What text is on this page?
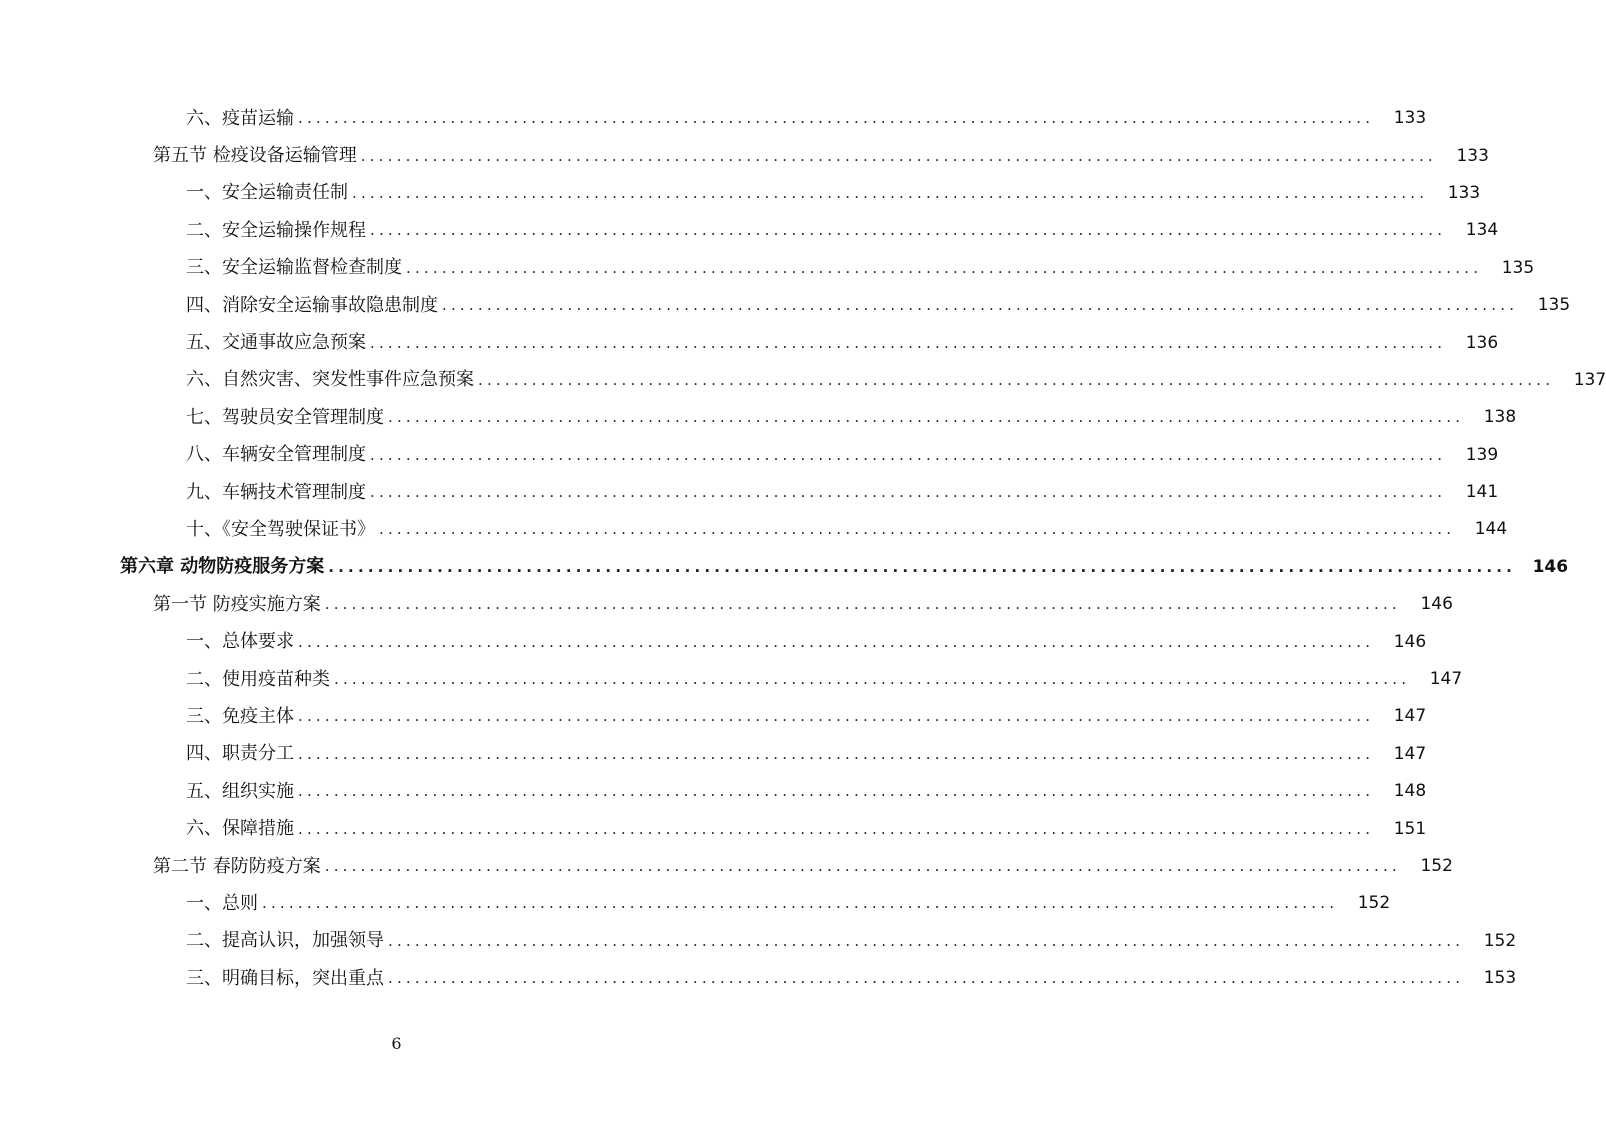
六、疫苗运输 ........................................................................................................................	133
第五节 检疫设备运输管理 ........................................................................................................................	133
一、安全运输责任制 ........................................................................................................................	133
二、安全运输操作规程 ........................................................................................................................	134
三、安全运输监督检查制度 ........................................................................................................................	135
四、消除安全运输事故隐患制度 ........................................................................................................................	135
五、交通事故应急预案 ........................................................................................................................	136
六、自然灾害、突发性事件应急预案 ........................................................................................................................	137
七、驾驶员安全管理制度 ........................................................................................................................	138
八、车辆安全管理制度 ........................................................................................................................	139
九、车辆技术管理制度 ........................................................................................................................	141
十、《安全驾驶保证书》 ........................................................................................................................	144
第六章 动物防疫服务方案 ........................................................................................................................ 146
第一节 防疫实施方案 ........................................................................................................................	146
一、总体要求 ........................................................................................................................	146
二、使用疫苗种类 ........................................................................................................................	147
三、免疫主体 ........................................................................................................................	147
四、职责分工 ........................................................................................................................	147
五、组织实施 ........................................................................................................................	148
六、保障措施 ........................................................................................................................	151
第二节 春防防疫方案 ........................................................................................................................	152
一、总则 ........................................................................................................................	152
二、提高认识，加强领导 ........................................................................................................................	152
三、明确目标，突出重点 ........................................................................................................................	153
6
